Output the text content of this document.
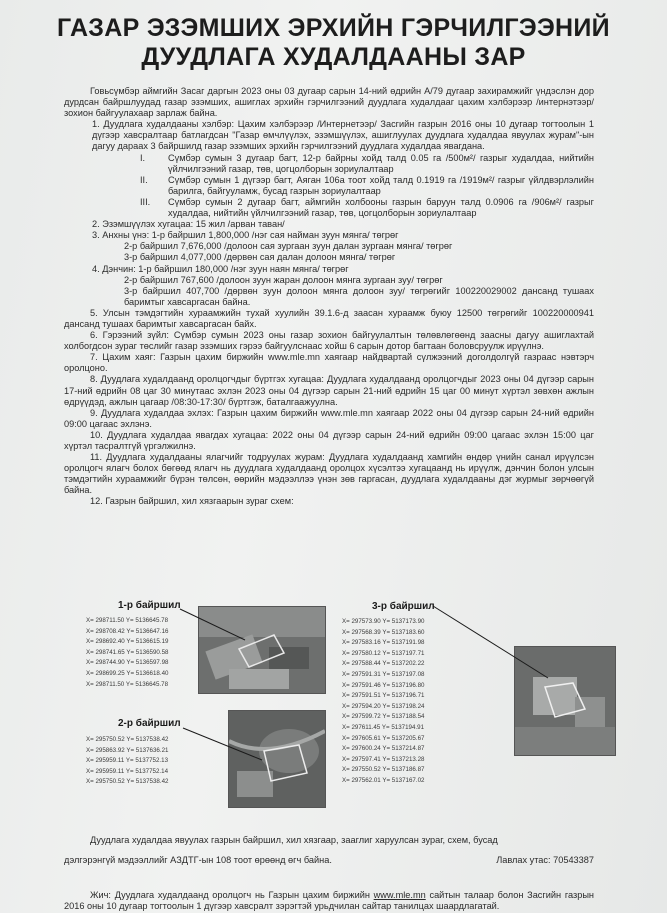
ГАЗАР ЭЗЭМШИХ ЭРХИЙН ГЭРЧИЛГЭЭНИЙ
ДУУДЛАГА ХУДАЛДААНЫ ЗАР

Говьсүмбэр аймгийн Засаг даргын 2023 оны 03 дугаар сарын 14-ний өдрийн А/79 дугаар захирамжийг үндэслэн дор дурдсан байршлуудад газар эзэмших, ашиглах эрхийн гэрчилгээний дуудлагa худалдааг цахим хэлбэрээр /интернэтээр/ зохион байгуулахаар зарлаж байна.

1. Дуудлага худалдааны хэлбэр: Цахим хэлбэрээр /Интернетээр/ Засгийн газрын 2016 оны 10 дугаар тогтоолын 1 дүгээр хавсралтаар батлагдсан "Газар өмчлүүлэх, эзэмшүүлэх, ашиглуулах дуудлага худалдаа явуулах журам"-ын дагуу дараах 3 байршилд газар эзэмших эрхийн гэрчилгээний дуудлага худалдаа явагдана.

I.	Сүмбэр сумын 3 дугаар багт, 12-р байрны хойд талд 0.05 га /500м²/ газрыг худалдаа, нийтийн үйлчилгээний газар, төв, цогцолборын зориулалтаар
II.	Сүмбэр сумын 1 дүгээр багт, Аяган 106а тоот хойд талд 0.1919 га /1919м²/ газрыг үйлдвэрлэлийн барилга, байгууламж, бусад газрын зориулалтаар
III.	Сүмбэр сумын 2 дугаар багт, аймгийн холбооны газрын баруун талд 0.0906 га /906м²/ газрыг худалдаа, нийтийн үйлчилгээний газар, төв, цогцолборын зориулалтаар

2. Эзэмшүүлэх хугацаа: 15 жил /арван таван/

3. Анхны үнэ: 1-р байршил 1,800,000 /нэг сая найман зуун мянга/ төгрөг

2-р байршил 7,676,000 /долоон сая зургаан зуун далан зургаан мянга/ төгрөг

3-р байршил 4,077,000 /дөрвөн сая далан долоон мянга/ төгрөг

4. Дэнчин: 1-р байршил 180,000 /нэг зуун наян мянга/ төгрөг

2-р байршил 767,600 /долоон зуун жаран долоон мянга зургаан зуу/ төгрөг

3-р байршил 407,700 /дөрвөн зуун долоон мянга долоон зуу/ төгрөгийг 100220029002 дансанд тушаах баримтыг хавсаргасан байна.

5. Улсын тэмдэгтийн хураамжийн тухай хуулийн 39.1.6-д заасан хураамж буюу 12500 төгрөгийг 100220000941 дансанд тушаах баримтыг хавсаргасан байх.

6. Гэрээний зүйл: Сүмбэр сумын 2023 оны газар зохион байгуулалтын төлөвлөгөөнд заасны дагуу ашиглахтай холбогдсон зураг төслийг газар эзэмших гэрээ байгуулснаас хойш 6 сарын дотор багтаан боловсруулж ирүүлнэ.

7. Цахим хаяг: Газрын цахим биржийн www.mle.mn хаягаар найдвартай сүлжээний доголдолгүй газраас нэвтэрч оролцоно.

8. Дуудлага худалдаанд оролцогчдыг бүртгэх хугацаа: Дуудлага худалдаанд оролцогчдыг 2023 оны 04 дүгээр сарын 17-ний өдрийн 08 цаг 30 минутаас эхлэн 2023 оны 04 дүгээр сарын 21-ний өдрийн 15 цаг 00 минут хүртэл зөвхөн ажлын өдрүүдэд, ажлын цагаар /08:30-17:30/ бүртгэж, баталгаажуулна.

9. Дуудлага худалдаа эхлэх: Газрын цахим биржийн www.mle.mn хаягаар 2022 оны 04 дүгээр сарын 24-ний өдрийн 09:00 цагаас эхлэнэ.

10. Дуудлага худалдаа явагдах хугацаа: 2022 оны 04 дүгээр сарын 24-ний өдрийн 09:00 цагаас эхлэн 15:00 цаг хүртэл тасралтгүй үргэлжилнэ.

11. Дуудлага худалдааны ялагчийг тодруулах журам: Дуудлага худалдаанд хамгийн өндөр үнийн санал ирүүлсэн оролцогч ялагч болох бөгөөд ялагч нь дуудлага худалдаанд оролцох хүсэлтээ хугацаанд нь ирүүлж, дэнчин болон улсын тэмдэгтийн хураамжийг бүрэн төлсөн, өөрийн мэдээллээ үнэн зөв гаргасан, дуудлага худалдааны дэг журмыг зөрчөөгүй байна.

12. Газрын байршил, хил хязгаарын зураг схем:

1-р байршил
X= 298711.50 Y= 5136645.78
X= 298708.42 Y= 5136647.16
X= 298692.40 Y= 5136615.19
X= 298741.65 Y= 5136590.58
X= 298744.90 Y= 5136597.98
X= 298699.25 Y= 5136618.40
X= 298711.50 Y= 5136645.78
2-р байршил
X= 295750.52 Y= 5137538.42
X= 295863.92 Y= 5137636.21
X= 295959.11 Y= 5137752.13
X= 295959.11 Y= 5137752.14
X= 295750.52 Y= 5137538.42
3-р байршил
X= 297573.90 Y= 5137173.90
X= 297568.39 Y= 5137183.60
X= 297583.16 Y= 5137191.98
X= 297580.12 Y= 5137197.71
X= 297588.44 Y= 5137202.22
X= 297591.31 Y= 5137197.08
X= 297591.46 Y= 5137196.80
X= 297591.51 Y= 5137196.71
X= 297594.20 Y= 5137198.24
X= 297599.72 Y= 5137188.54
X= 297611.45 Y= 5137194.91
X= 297605.61 Y= 5137205.67
X= 297600.24 Y= 5137214.87
X= 297597.41 Y= 5137213.28
X= 297550.52 Y= 5137186.87
X= 297562.01 Y= 5137167.02

Дуудлага худалдаа явуулах газрын байршил, хил хязгаар, зааглиг харуулсан зураг, схем, бусад

дэлгэрэнгүй мэдээллийг АЗДТГ-ын 108 тоот өрөөнд өгч байна.	Лавлах утас: 70543387

Жич: Дуудлага худалдаанд оролцогч нь Газрын цахим биржийн www.mle.mn сайтын талаар болон Засгийн газрын 2016 оны 10 дугаар тогтоолын 1 дүгээр хавсралт зэрэгтэй урьдчилан сайтар танилцах шаардлагатай.
